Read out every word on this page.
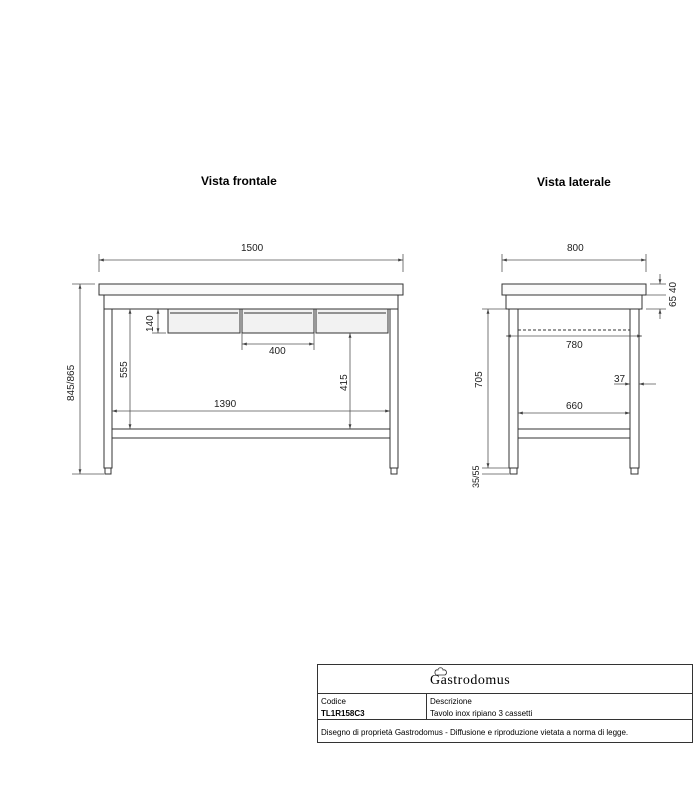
Vista frontale	Vista laterale
1500
845/865
140
400
555
415
1390
800
65
40
780
705	37
660
35/55
Gastrodomus
Codice
TL1R158C3
Descrizione
Tavolo inox ripiano 3 cassetti
Disegno di proprietà Gastrodomus - Diffusione e riproduzione vietata a norma di legge.
